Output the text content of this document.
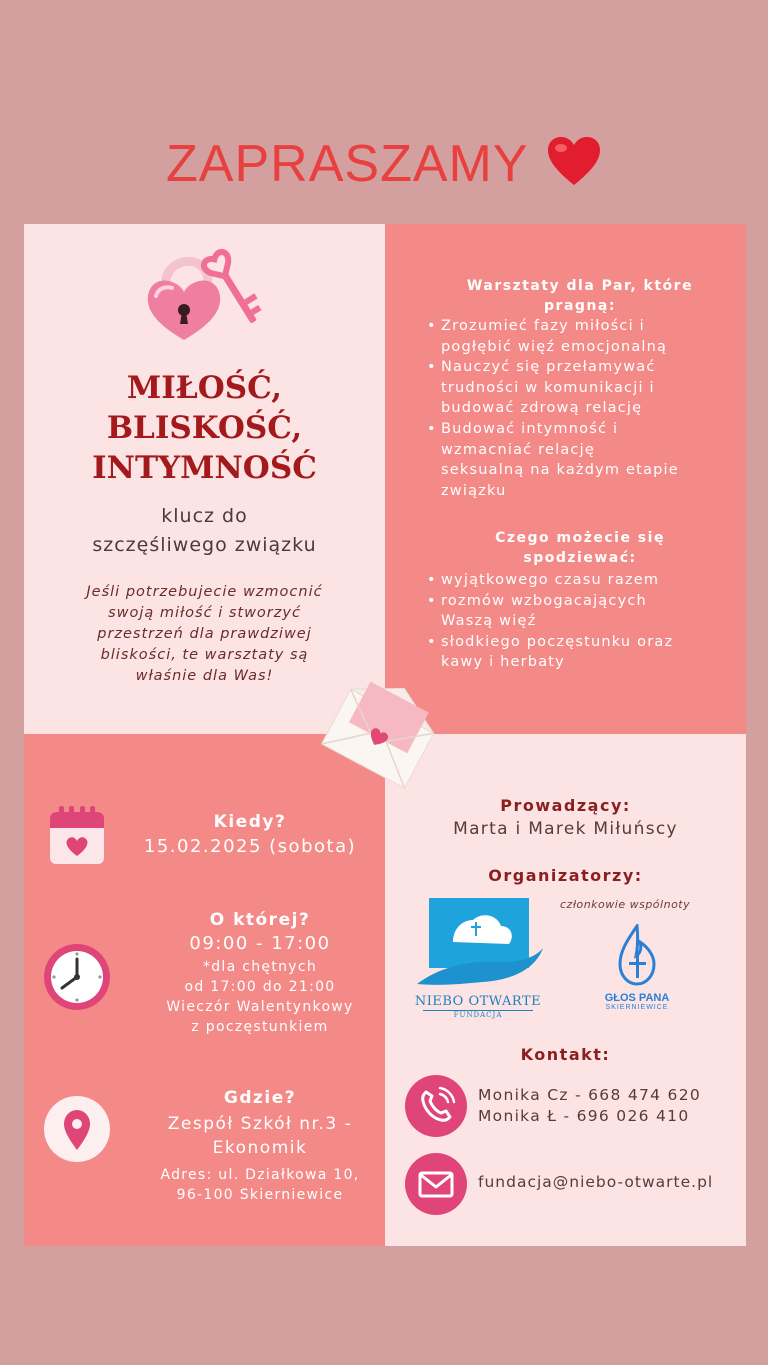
ZAPRASZAMY
MIŁOŚĆ,
BLISKOŚĆ,
INTYMNOŚĆ
klucz do
szczęśliwego związku
Jeśli potrzebujecie wzmocnić
swoją miłość i stworzyć
przestrzeń dla prawdziwej
bliskości, te warsztaty są
właśnie dla Was!
Warsztaty dla Par, które
pragną:
• Zrozumieć fazy miłości i
pogłębić więź emocjonalną
• Nauczyć się przełamywać
trudności w komunikacji i
budować zdrową relację
• Budować intymność i
wzmacniać relację
seksualną na każdym etapie
związku
Czego możecie się
spodziewać:
• wyjątkowego czasu razem
• rozmów wzbogacających
Waszą więź
• słodkiego poczęstunku oraz
kawy i herbaty
Kiedy?
15.02.2025 (sobota)
O której?
09:00 - 17:00
*dla chętnych
od 17:00 do 21:00
Wieczór Walentynkowy
z poczęstunkiem
Gdzie?
Zespół Szkół nr.3 -
Ekonomik
Adres: ul. Działkowa 10,
96-100 Skierniewice
Prowadzący:
Marta i Marek Miłuńscy
Organizatorzy:
członkowie wspólnoty
NIEBO OTWARTE
FUNDACJA
GŁOS PANA
SKIERNIEWICE
Kontakt:
Monika Cz - 668 474 620
Monika Ł - 696 026 410
fundacja@niebo-otwarte.pl
